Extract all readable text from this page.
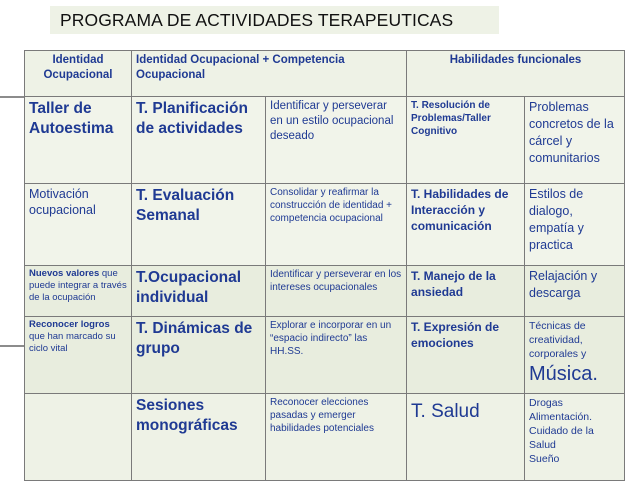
PROGRAMA DE ACTIVIDADES TERAPEUTICAS
Identidad Ocupacional	Identidad Ocupacional + Competencia Ocupacional		Habilidades funcionales	
Taller de Autoestima	T. Planificación de actividades	Identificar y perseverar en un estilo ocupacional deseado	T. Resolución de Problemas/Taller Cognitivo	Problemas concretos de la cárcel y comunitarios
Motivación ocupacional	T. Evaluación Semanal	Consolidar y reafirmar la construcción de identidad + competencia ocupacional	T. Habilidades de Interacción y comunicación	Estilos de dialogo, empatía y practica
Nuevos valores que puede integrar a través de la ocupación	T.Ocupacional individual	Identificar y perseverar en los intereses ocupacionales	T. Manejo de la ansiedad	Relajación y descarga
Reconocer logros que han marcado su ciclo vital	T. Dinámicas de grupo	Explorar e incorporar en un “espacio indirecto” las HH.SS.	T. Expresión de emociones	Técnicas de creatividad, corporales y
Música.

	Sesiones monográficas	Reconocer elecciones pasadas y emerger habilidades potenciales	T. Salud	Drogas
Alimentación.
Cuidado de la Salud
Sueño
